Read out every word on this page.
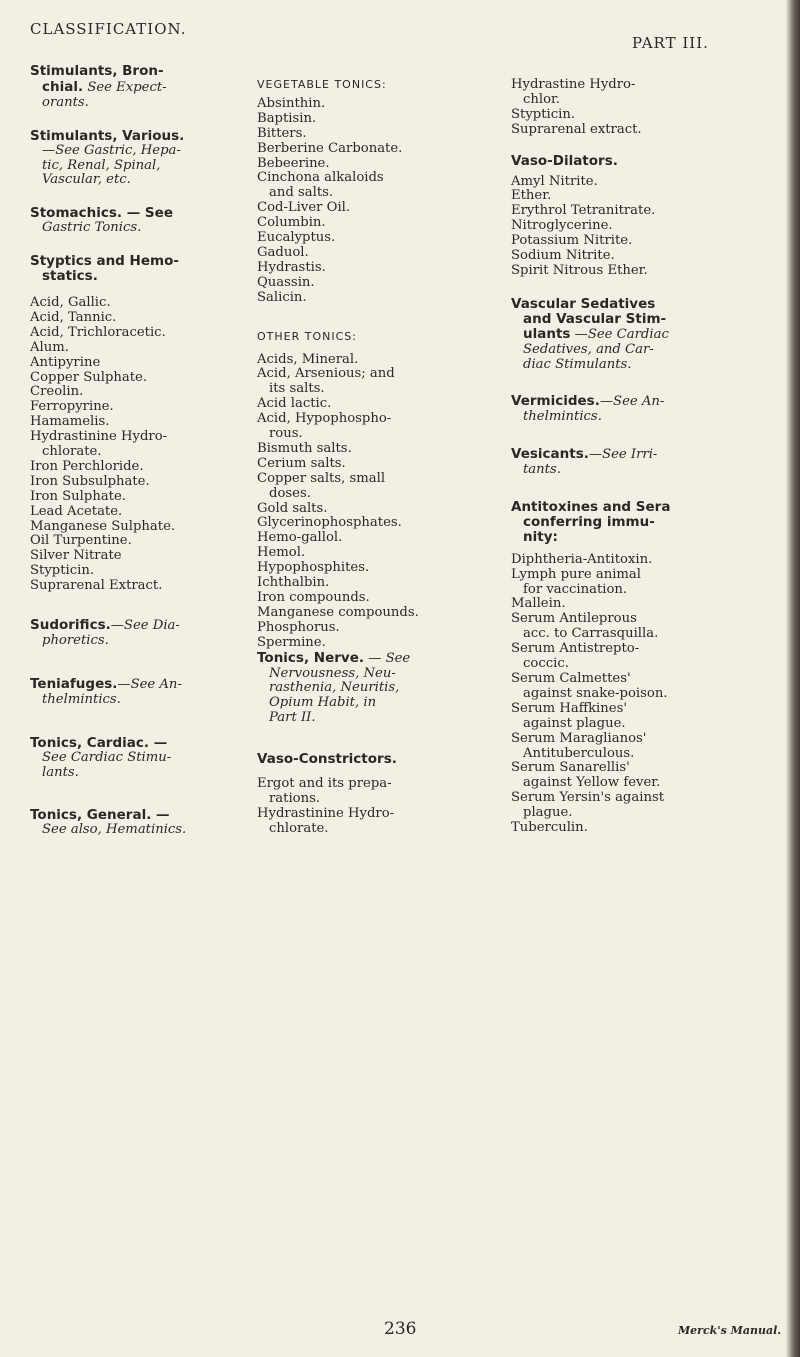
CLASSIFICATION.
PART III.

Stimulants, Bron-

chial. See Expect-

orants.

Stimulants, Various.

—See Gastric, Hepa-

tic, Renal, Spinal,

Vascular, etc.

Stomachics. — See

Gastric Tonics.

Styptics and Hemo-

statics.

Acid, Gallic.

Acid, Tannic.

Acid, Trichloracetic.

Alum.

Antipyrine

Copper Sulphate.

Creolin.

Ferropyrine.

Hamamelis.

Hydrastinine Hydro-

chlorate.

Iron Perchloride.

Iron Subsulphate.

Iron Sulphate.

Lead Acetate.

Manganese Sulphate.

Oil Turpentine.

Silver Nitrate

Stypticin.

Suprarenal Extract.

Sudorifics.—See Dia-

phoretics.

Teniafuges.—See An-

thelmintics.

Tonics, Cardiac. —

See Cardiac Stimu-

lants.

Tonics, General. —

See also, Hematinics.

VEGETABLE TONICS:

Absinthin.

Baptisin.

Bitters.

Berberine Carbonate.

Bebeerine.

Cinchona alkaloids

and salts.

Cod-Liver Oil.

Columbin.

Eucalyptus.

Gaduol.

Hydrastis.

Quassin.

Salicin.

OTHER TONICS:

Acids, Mineral.

Acid, Arsenious; and

its salts.

Acid lactic.

Acid, Hypophospho-

rous.

Bismuth salts.

Cerium salts.

Copper salts, small

doses.

Gold salts.

Glycerinophosphates.

Hemo-gallol.

Hemol.

Hypophosphites.

Ichthalbin.

Iron compounds.

Manganese compounds.

Phosphorus.

Spermine.

Tonics, Nerve. — See

Nervousness, Neu-

rasthenia, Neuritis,

Opium Habit, in

Part II.

Vaso-Constrictors.

Ergot and its prepa-

rations.

Hydrastinine Hydro-

chlorate.

Hydrastine Hydro-

chlor.

Stypticin.

Suprarenal extract.

Vaso-Dilators.

Amyl Nitrite.

Ether.

Erythrol Tetranitrate.

Nitroglycerine.

Potassium Nitrite.

Sodium Nitrite.

Spirit Nitrous Ether.

Vascular Sedatives

and Vascular Stim-

ulants —See Cardiac

Sedatives, and Car-

diac Stimulants.

Vermicides.—See An-

thelmintics.

Vesicants.—See Irri-

tants.

Antitoxines and Sera

conferring immu-

nity:

Diphtheria-Antitoxin.

Lymph pure animal

for vaccination.

Mallein.

Serum Antileprous

acc. to Carrasquilla.

Serum Antistrepto-

coccic.

Serum Calmettes'

against snake-poison.

Serum Haffkines'

against plague.

Serum Maraglianos'

Antituberculous.

Serum Sanarellis'

against Yellow fever.

Serum Yersin's against

plague.

Tuberculin.

236	Merck's Manual.
